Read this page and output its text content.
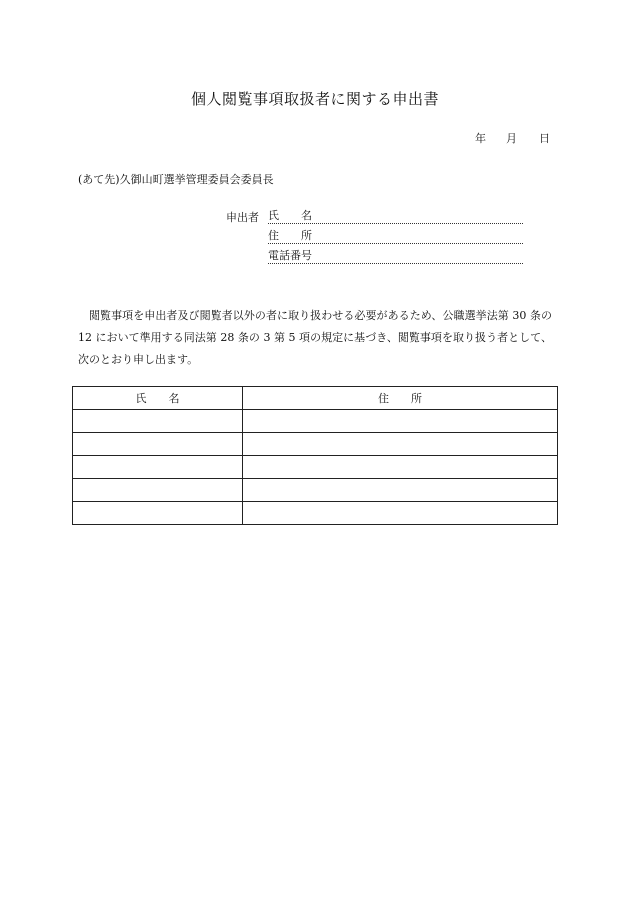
個人閲覧事項取扱者に関する申出書
年 月 日
(あて先)久御山町選挙管理委員会委員長
申出者 氏　　名
住　　所
電話番号
閲覧事項を申出者及び閲覧者以外の者に取り扱わせる必要があるため、公職選挙法第 30 条の 12 において準用する同法第 28 条の 3 第 5 項の規定に基づき、閲覧事項を取り扱う者として、次のとおり申し出ます。
氏　　名	住　　所
